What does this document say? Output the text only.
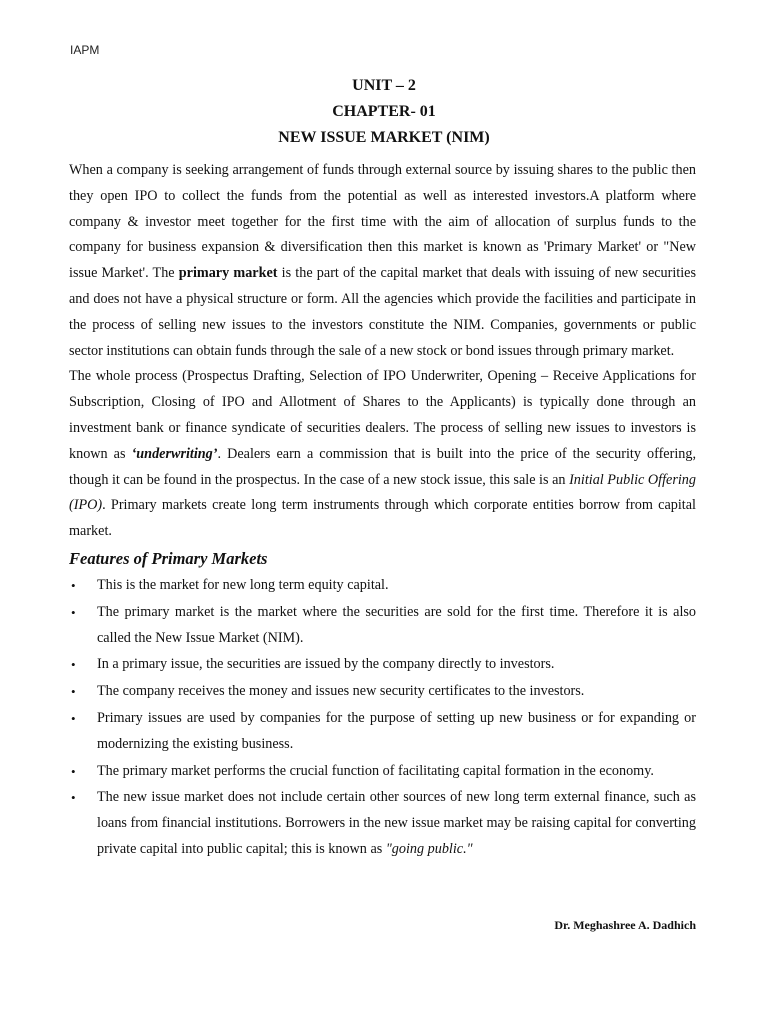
IAPM
UNIT – 2
CHAPTER- 01
NEW ISSUE MARKET (NIM)

When a company is seeking arrangement of funds through external source by issuing shares to the public then they open IPO to collect the funds from the potential as well as interested investors.A platform where company & investor meet together for the first time with the aim of allocation of surplus funds to the company for business expansion & diversification then this market is known as 'Primary Market' or "New issue Market'. The primary market is the part of the capital market that deals with issuing of new securities and does not have a physical structure or form. All the agencies which provide the facilities and participate in the process of selling new issues to the investors constitute the NIM. Companies, governments or public sector institutions can obtain funds through the sale of a new stock or bond issues through primary market.

The whole process (Prospectus Drafting, Selection of IPO Underwriter, Opening – Receive Applications for Subscription, Closing of IPO and Allotment of Shares to the Applicants) is typically done through an investment bank or finance syndicate of securities dealers. The process of selling new issues to investors is known as ‘underwriting’. Dealers earn a commission that is built into the price of the security offering, though it can be found in the prospectus. In the case of a new stock issue, this sale is an Initial Public Offering (IPO). Primary markets create long term instruments through which corporate entities borrow from capital market.

Features of Primary Markets
• This is the market for new long term equity capital.
• The primary market is the market where the securities are sold for the first time. Therefore it is also called the New Issue Market (NIM).
• In a primary issue, the securities are issued by the company directly to investors.
• The company receives the money and issues new security certificates to the investors.
• Primary issues are used by companies for the purpose of setting up new business or for expanding or modernizing the existing business.
• The primary market performs the crucial function of facilitating capital formation in the economy.
• The new issue market does not include certain other sources of new long term external finance, such as loans from financial institutions. Borrowers in the new issue market may be raising capital for converting private capital into public capital; this is known as "going public."
Dr. Meghashree A. Dadhich
